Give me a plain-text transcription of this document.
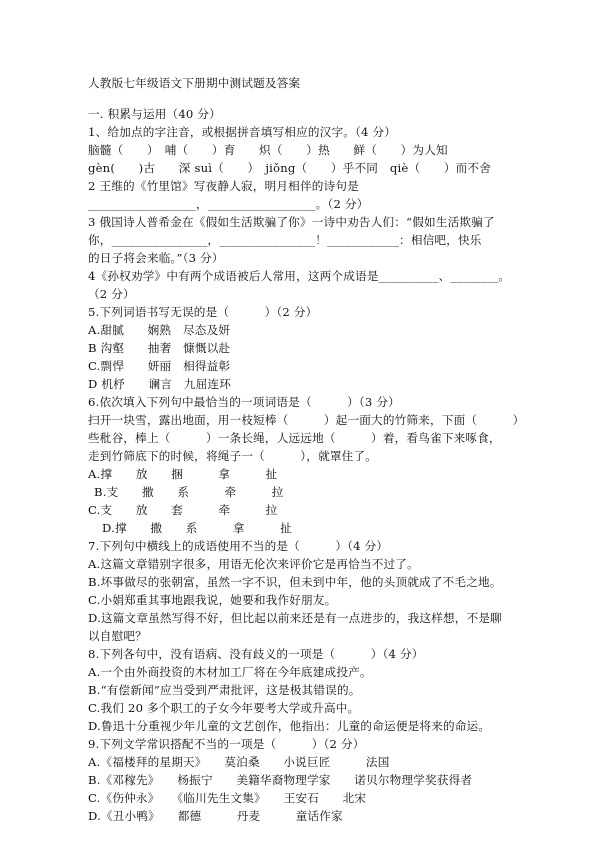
人教版七年级语文下册期中测试题及答案
一. 积累与运用（40 分）
1、给加点的字注音，或根据拼音填写相应的汉字。（4 分）
脑髓（　　）　哺（　　）育　　炽（　　）热　　鲜（　　）为人知
gèn(　　)古　　深 suì（　　）　jiǒng（　　）乎不同　qiè（　　）而不舍
2 王维的《竹里馆》写夜静人寂，明月相伴的诗句是
__________________，__________________。（2 分）
3 俄国诗人普希金在《假如生活欺骗了你》一诗中劝告人们：“假如生活欺骗了
你，________________，________________！____________：相信吧，快乐
的日子将会来临。”（3 分）
4《孙权劝学》中有两个成语被后人常用，这两个成语是__________、________。
（2 分）
5.下列词语书写无误的是（　　　）（2 分）
A.甜腻　　娴熟　尽态及妍
B 沟壑　　抽奢　慷慨以赴
C.剽悍　　妍丽　相得益彰
D 机杼　　谰言　九屈连环
6.依次填入下列句中最恰当的一项词语是（　　　）（3 分）
扫开一块雪，露出地面，用一枝短棒（　　　）起一面大的竹筛来，下面（　　　）
些秕谷，棒上（　　　）一条长绳，人远远地（　　　）着，看鸟雀下来啄食，
走到竹筛底下的时候，将绳子一（　　　），就罩住了。
A.撑　　放　　捆　　　拿　　　扯
B.支　　撒　　系　　　牵　　　拉
C.支　　放　　套　　　牵　　　拉
D.撑　　撒　　系　　　拿　　　扯
7.下列句中横线上的成语使用不当的是（　　　）（4 分）
A.这篇文章错别字很多，用语无伦次来评价它是再恰当不过了。
B.坏事做尽的张朝富，虽然一字不识，但未到中年，他的头顶就成了不毛之地。
C.小娟郑重其事地跟我说，她要和我作好朋友。
D.这篇文章虽然写得不好，但比起以前来还是有一点进步的，我这样想，不是聊
以自慰吧？
8.下列各句中，没有语病、没有歧义的一项是（　　　）（4 分）
A.一个由外商投资的木材加工厂将在今年底建成投产。
B.“有偿新闻”应当受到严肃批评，这是极其错误的。
C.我们 20 多个职工的子女今年要考大学或升高中。
D.鲁迅十分重视少年儿童的文艺创作，他指出：儿童的命运便是将来的命运。
9.下列文学常识搭配不当的一项是（　　　）（2 分）
A.《福楼拜的星期天》　　莫泊桑　　小说巨匠　　　法国
B.《邓稼先》　　杨振宁　　美籍华裔物理学家　　诺贝尔物理学奖获得者
C.《伤仲永》　　《临川先生文集》　　王安石　　北宋
D.《丑小鸭》　　都德　　　丹麦　　　童话作家
